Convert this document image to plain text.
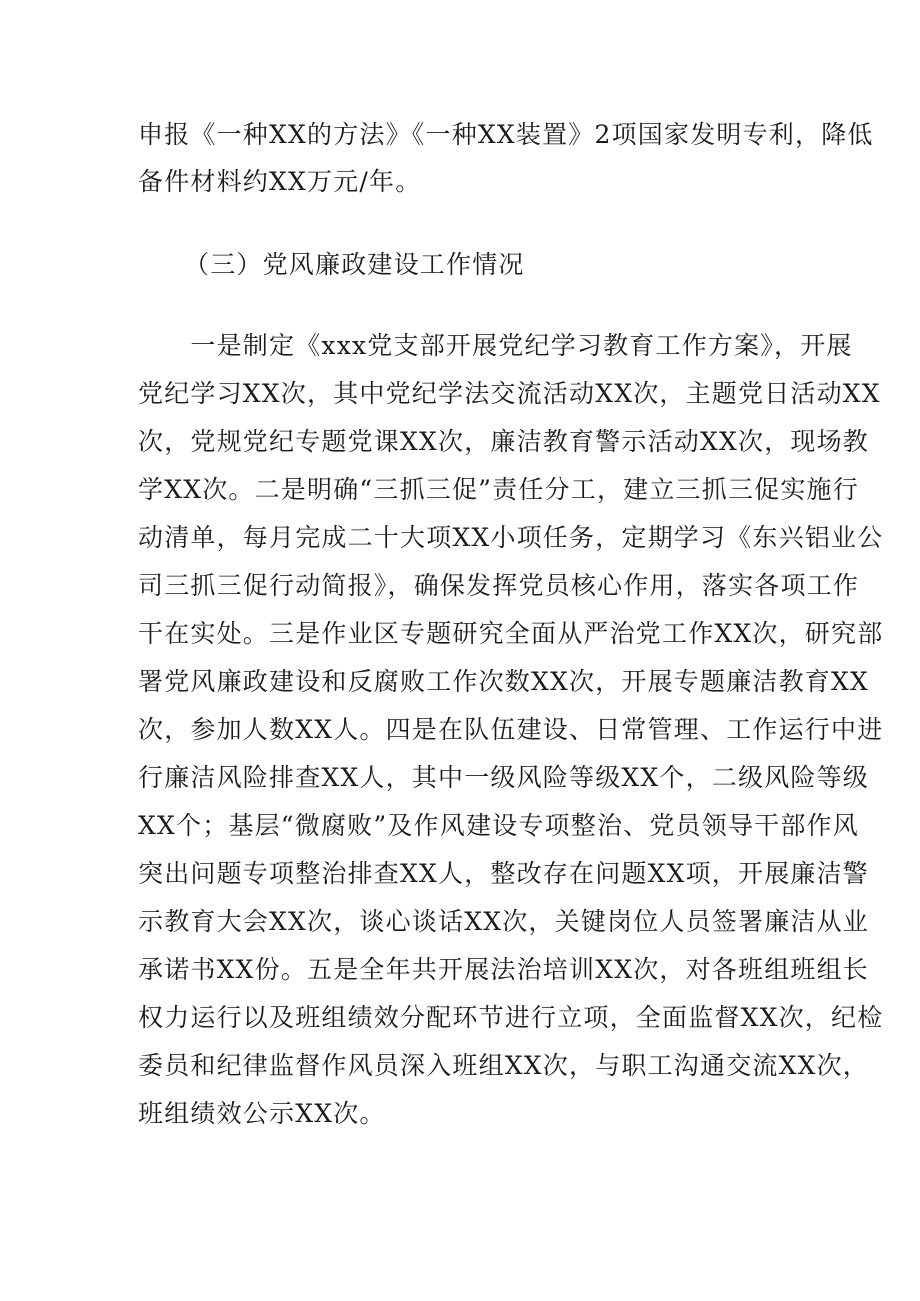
申报《一种XX的方法》《一种XX装置》2项国家发明专利，降低
备件材料约XX万元/年。
（三）党风廉政建设工作情况
　　一是制定《xxx党支部开展党纪学习教育工作方案》，开展
党纪学习XX次，其中党纪学法交流活动XX次，主题党日活动XX
次，党规党纪专题党课XX次，廉洁教育警示活动XX次，现场教
学XX次。二是明确“三抓三促”责任分工，建立三抓三促实施行
动清单，每月完成二十大项XX小项任务，定期学习《东兴铝业公
司三抓三促行动简报》，确保发挥党员核心作用，落实各项工作
干在实处。三是作业区专题研究全面从严治党工作XX次，研究部
署党风廉政建设和反腐败工作次数XX次，开展专题廉洁教育XX
次，参加人数XX人。四是在队伍建设、日常管理、工作运行中进
行廉洁风险排查XX人，其中一级风险等级XX个，二级风险等级
XX个；基层“微腐败”及作风建设专项整治、党员领导干部作风
突出问题专项整治排查XX人，整改存在问题XX项，开展廉洁警
示教育大会XX次，谈心谈话XX次，关键岗位人员签署廉洁从业
承诺书XX份。五是全年共开展法治培训XX次，对各班组班组长
权力运行以及班组绩效分配环节进行立项，全面监督XX次，纪检
委员和纪律监督作风员深入班组XX次，与职工沟通交流XX次，
班组绩效公示XX次。
